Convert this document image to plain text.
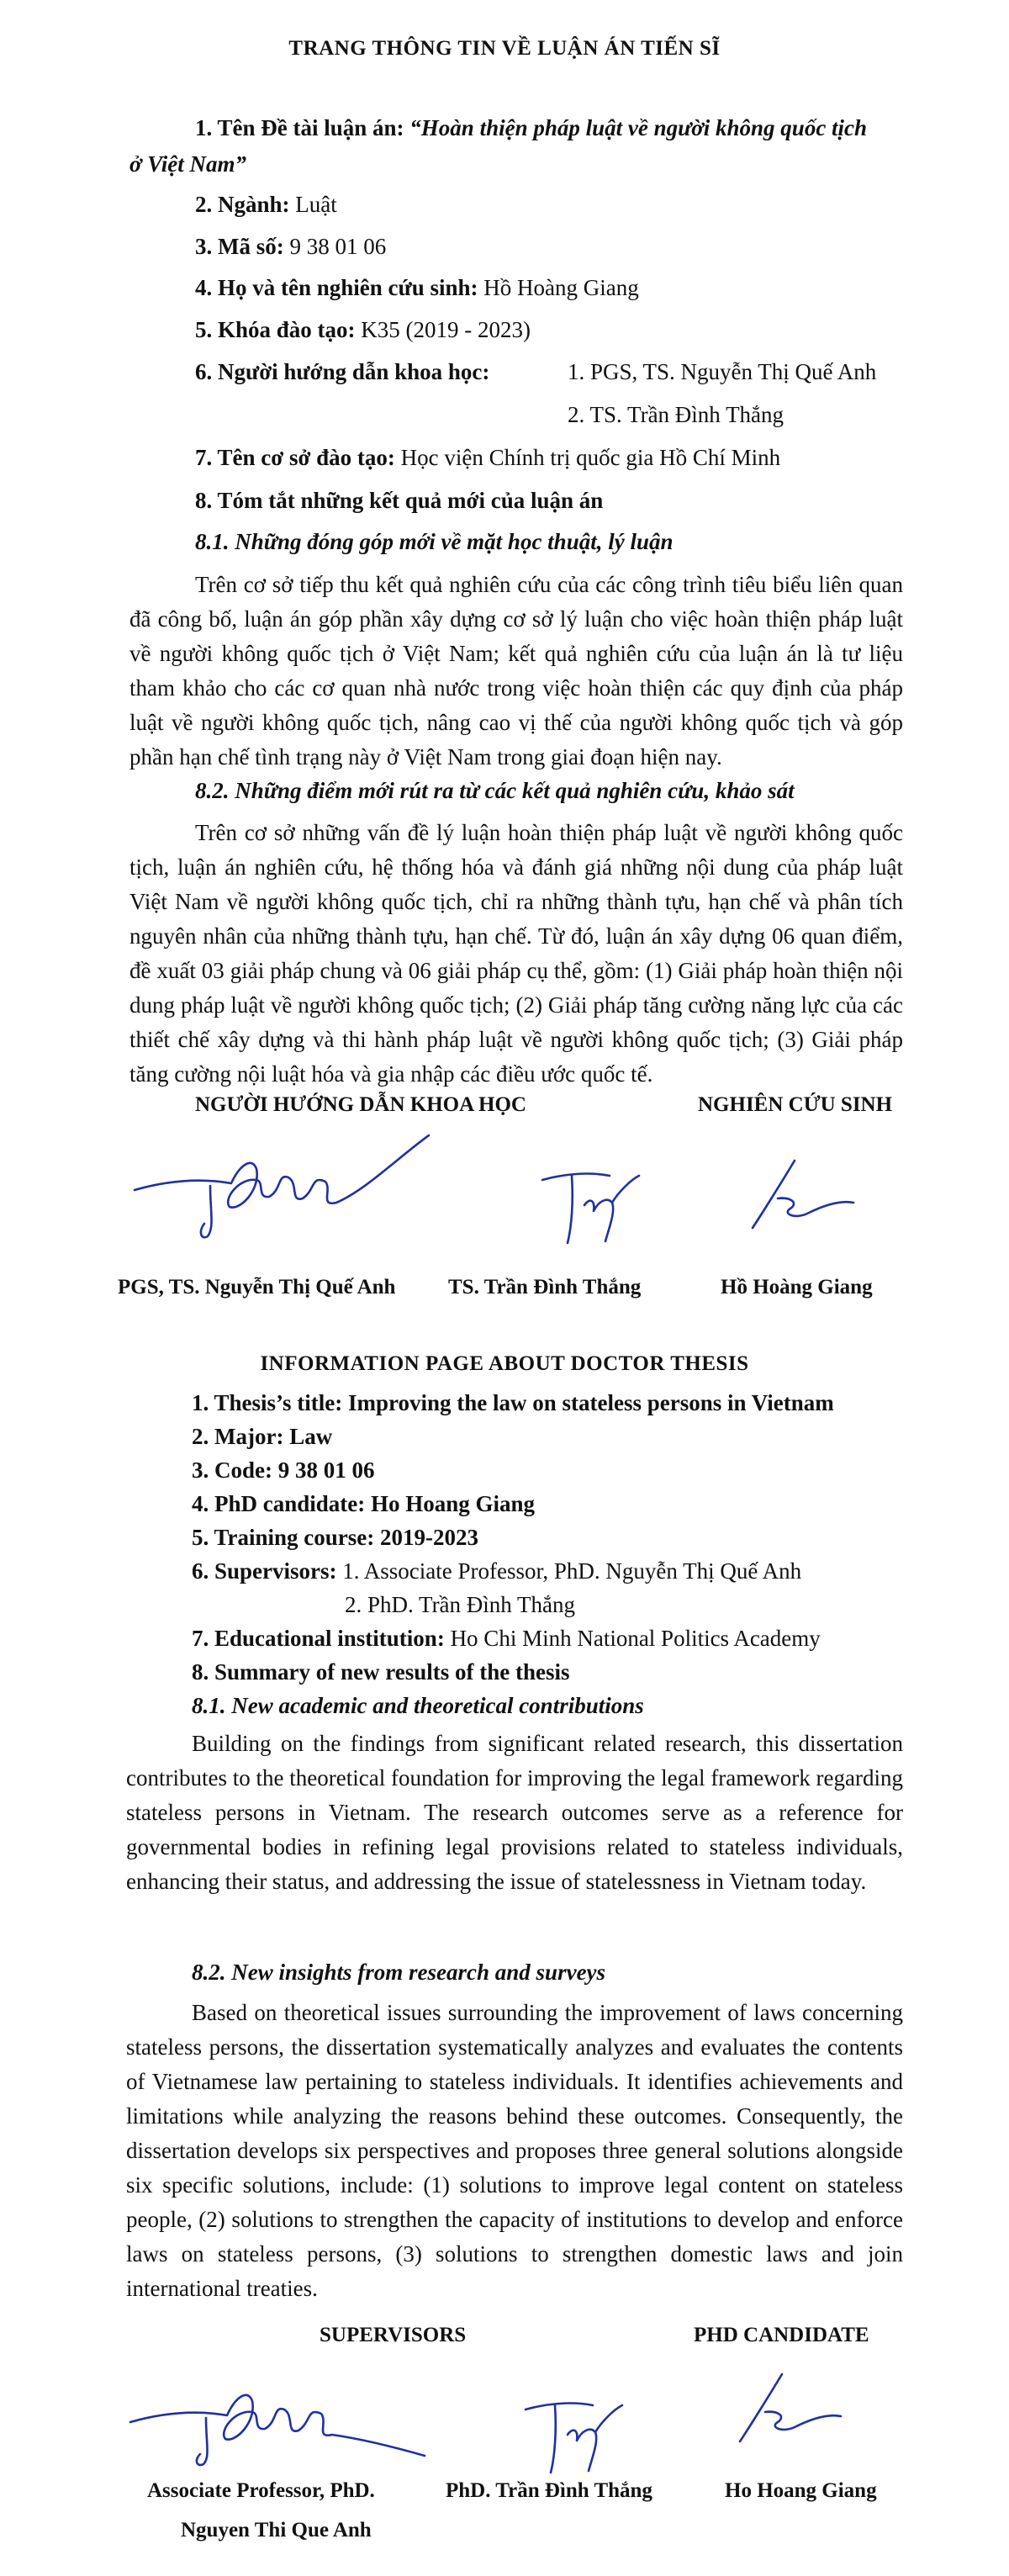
TRANG THÔNG TIN VỀ LUẬN ÁN TIẾN SĨ
1. Tên Đề tài luận án: “Hoàn thiện pháp luật về người không quốc tịch
ở Việt Nam”
2. Ngành: Luật
3. Mã số: 9 38 01 06
4. Họ và tên nghiên cứu sinh: Hồ Hoàng Giang
5. Khóa đào tạo: K35 (2019 - 2023)
6. Người hướng dẫn khoa học:	1. PGS, TS. Nguyễn Thị Quế Anh
2. TS. Trần Đình Thắng
7. Tên cơ sở đào tạo: Học viện Chính trị quốc gia Hồ Chí Minh
8. Tóm tắt những kết quả mới của luận án
8.1. Những đóng góp mới về mặt học thuật, lý luận
Trên cơ sở tiếp thu kết quả nghiên cứu của các công trình tiêu biểu liên quan đã công bố, luận án góp phần xây dựng cơ sở lý luận cho việc hoàn thiện pháp luật về người không quốc tịch ở Việt Nam; kết quả nghiên cứu của luận án là tư liệu tham khảo cho các cơ quan nhà nước trong việc hoàn thiện các quy định của pháp luật về người không quốc tịch, nâng cao vị thế của người không quốc tịch và góp phần hạn chế tình trạng này ở Việt Nam trong giai đoạn hiện nay.
8.2. Những điểm mới rút ra từ các kết quả nghiên cứu, khảo sát
Trên cơ sở những vấn đề lý luận hoàn thiện pháp luật về người không quốc tịch, luận án nghiên cứu, hệ thống hóa và đánh giá những nội dung của pháp luật Việt Nam về người không quốc tịch, chỉ ra những thành tựu, hạn chế và phân tích nguyên nhân của những thành tựu, hạn chế. Từ đó, luận án xây dựng 06 quan điểm, đề xuất 03 giải pháp chung và 06 giải pháp cụ thể, gồm: (1) Giải pháp hoàn thiện nội dung pháp luật về người không quốc tịch; (2) Giải pháp tăng cường năng lực của các thiết chế xây dựng và thi hành pháp luật về người không quốc tịch; (3) Giải pháp tăng cường nội luật hóa và gia nhập các điều ước quốc tế.
NGƯỜI HƯỚNG DẪN KHOA HỌC	NGHIÊN CỨU SINH
PGS, TS. Nguyễn Thị Quế Anh	TS. Trần Đình Thắng	Hồ Hoàng Giang
INFORMATION PAGE ABOUT DOCTOR THESIS
1. Thesis’s title: Improving the law on stateless persons in Vietnam
2. Major: Law
3. Code: 9 38 01 06
4. PhD candidate: Ho Hoang Giang
5. Training course: 2019-2023
6. Supervisors: 1. Associate Professor, PhD. Nguyễn Thị Quế Anh
2. PhD. Trần Đình Thắng
7. Educational institution: Ho Chi Minh National Politics Academy
8. Summary of new results of the thesis
8.1. New academic and theoretical contributions
Building on the findings from significant related research, this dissertation contributes to the theoretical foundation for improving the legal framework regarding stateless persons in Vietnam. The research outcomes serve as a reference for governmental bodies in refining legal provisions related to stateless individuals, enhancing their status, and addressing the issue of statelessness in Vietnam today.
8.2. New insights from research and surveys
Based on theoretical issues surrounding the improvement of laws concerning stateless persons, the dissertation systematically analyzes and evaluates the contents of Vietnamese law pertaining to stateless individuals. It identifies achievements and limitations while analyzing the reasons behind these outcomes. Consequently, the dissertation develops six perspectives and proposes three general solutions alongside six specific solutions, include: (1) solutions to improve legal content on stateless people, (2) solutions to strengthen the capacity of institutions to develop and enforce laws on stateless persons, (3) solutions to strengthen domestic laws and join international treaties.
SUPERVISORS	PHD CANDIDATE
Associate Professor, PhD.
Nguyen Thi Que Anh
PhD. Trần Đình Thắng	Ho Hoang Giang
